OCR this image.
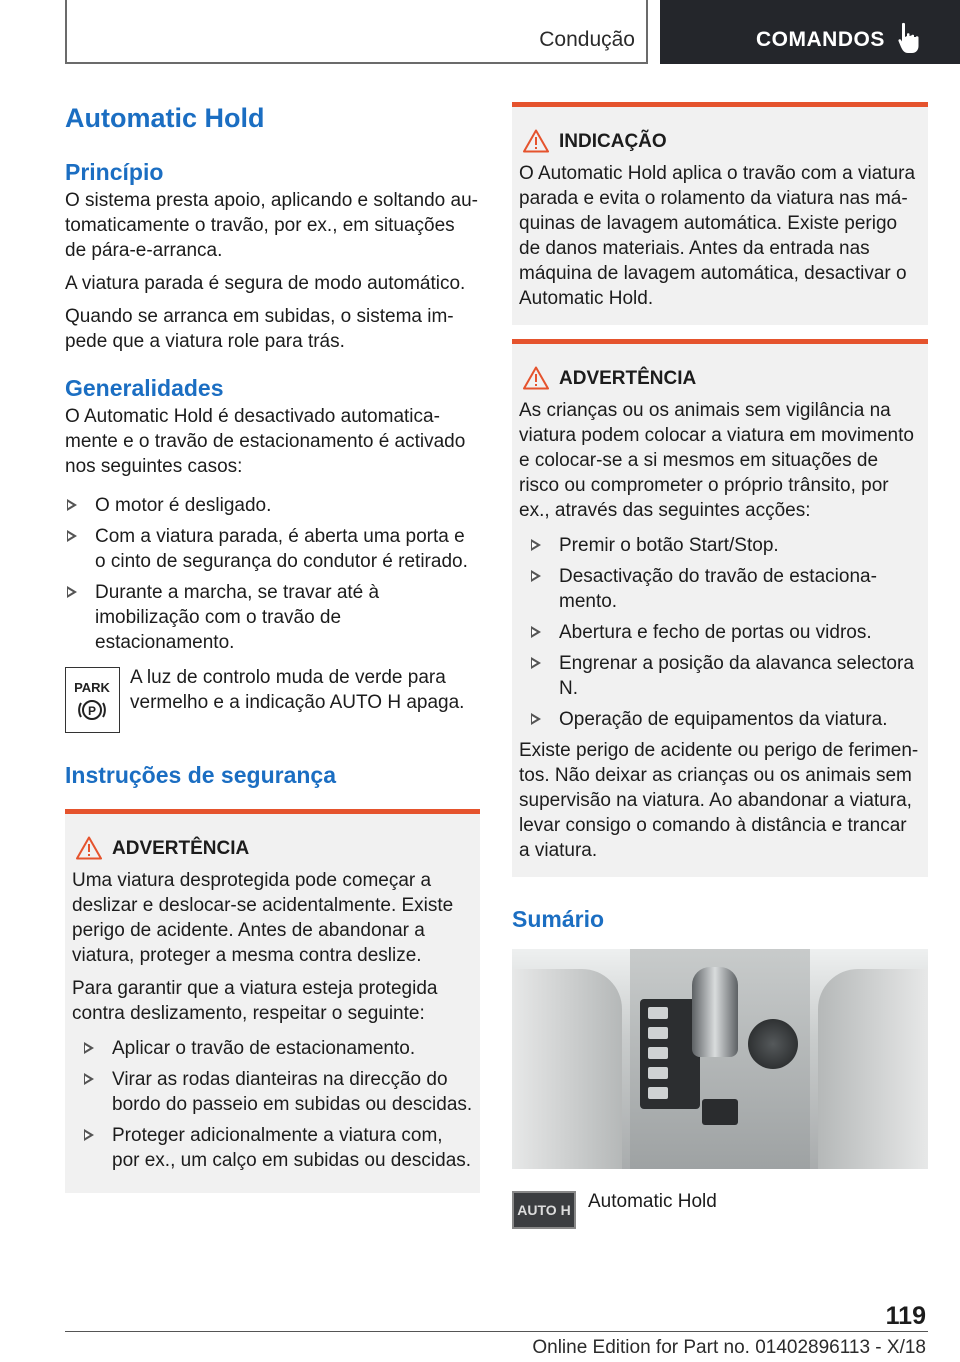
Condução	COMANDOS
Automatic Hold
Princípio

O sistema presta apoio, aplicando e soltando automaticamente o travão, por ex., em situações de pára-e-arranca.

A viatura parada é segura de modo automático.

Quando se arranca em subidas, o sistema impede que a viatura role para trás.

Generalidades

O Automatic Hold é desactivado automaticamente e o travão de estacionamento é activado nos seguintes casos:

O motor é desligado.
Com a viatura parada, é aberta uma porta e o cinto de segurança do condutor é retirado.
Durante a marcha, se travar até à imobilização com o travão de estacionamento.
PARK
P

A luz de controlo muda de verde para vermelho e a indicação AUTO H apaga.

Instruções de segurança
ADVERTÊNCIA

Uma viatura desprotegida pode começar a deslizar e deslocar-se acidentalmente. Existe perigo de acidente. Antes de abandonar a viatura, proteger a mesma contra deslize.

Para garantir que a viatura esteja protegida contra deslizamento, respeitar o seguinte:

Aplicar o travão de estacionamento.
Virar as rodas dianteiras na direcção do bordo do passeio em subidas ou descidas.
Proteger adicionalmente a viatura com, por ex., um calço em subidas ou descidas.
INDICAÇÃO

O Automatic Hold aplica o travão com a viatura parada e evita o rolamento da viatura nas máquinas de lavagem automática. Existe perigo de danos materiais. Antes da entrada nas máquina de lavagem automática, desactivar o Automatic Hold.

ADVERTÊNCIA

As crianças ou os animais sem vigilância na viatura podem colocar a viatura em movimento e colocar-se a si mesmos em situações de risco ou comprometer o próprio trânsito, por ex., através das seguintes acções:

Premir o botão Start/Stop.
Desactivação do travão de estacionamento.
Abertura e fecho de portas ou vidros.
Engrenar a posição da alavanca selectora N.
Operação de equipamentos da viatura.

Existe perigo de acidente ou perigo de ferimentos. Não deixar as crianças ou os animais sem supervisão na viatura. Ao abandonar a viatura, levar consigo o comando à distância e trancar a viatura.

Sumário
AUTO H Automatic Hold

119
Online Edition for Part no. 01402896113 - X/18
